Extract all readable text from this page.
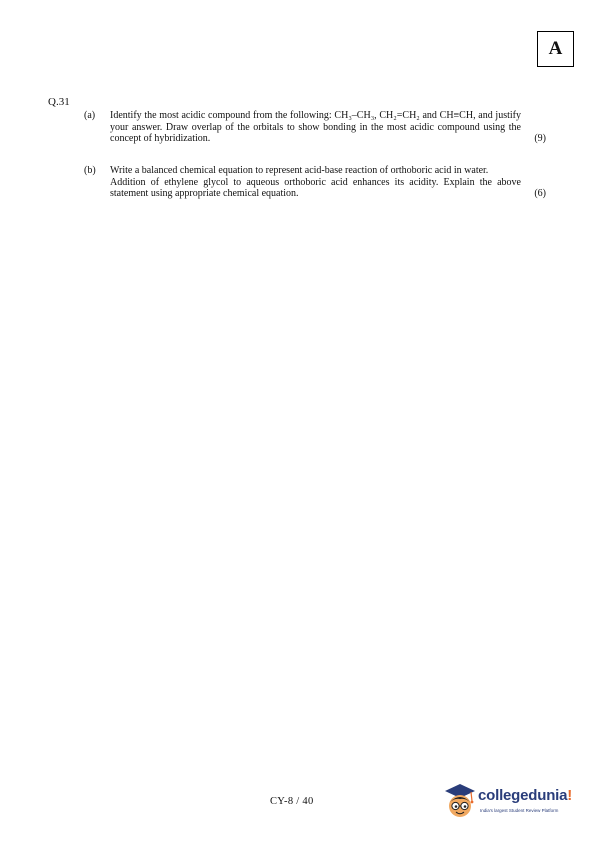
A
Q.31
(a) Identify the most acidic compound from the following: CH₃–CH₃, CH₂=CH₂ and CH≡CH, and justify your answer. Draw overlap of the orbitals to show bonding in the most acidic compound using the concept of hybridization.	(9)
(b) Write a balanced chemical equation to represent acid-base reaction of orthoboric acid in water.

Addition of ethylene glycol to aqueous orthoboric acid enhances its acidity. Explain the above statement using appropriate chemical equation.	(6)
CY-8 / 40	collegedunia!
India's largest Student Review Platform
